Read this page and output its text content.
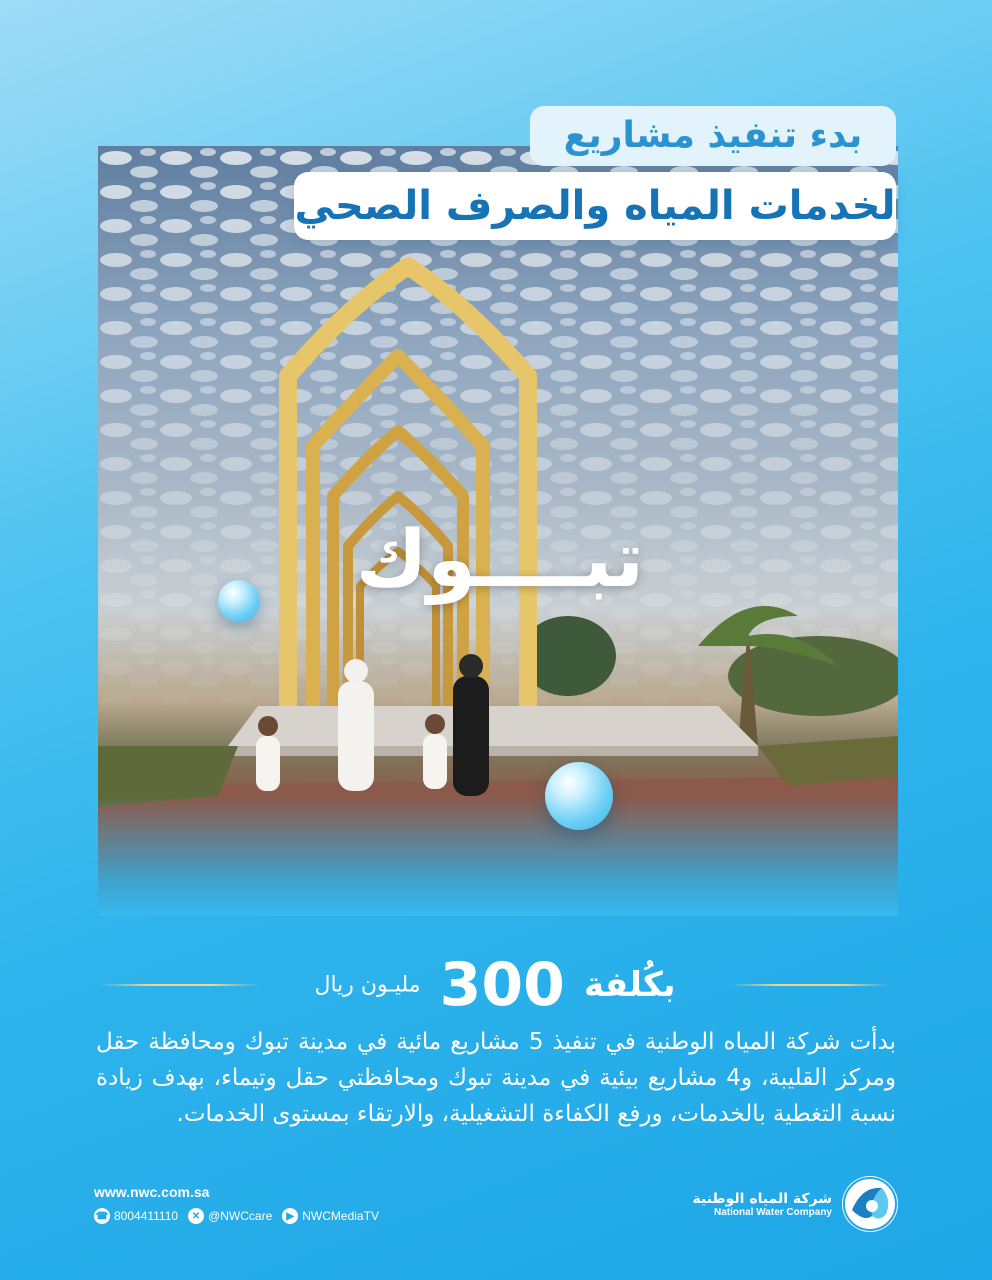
بدء تنفيذ مشاريع
لخدمات المياه والصرف الصحي
تبــــوك
بكُلفة 300 مليـون ريال

بدأت شركة المياه الوطنية في تنفيذ 5 مشاريع مائية في مدينة تبوك ومحافظة حقل ومركز القليبة، و4 مشاريع بيئية في مدينة تبوك ومحافظتي حقل وتيماء، بهدف زيادة نسبة التغطية بالخدمات، ورفع الكفاءة التشغيلية، والارتقاء بمستوى الخدمات.

www.nwc.com.sa
☎ 8004411110	✕ @NWCcare	▶ NWCMediaTV
شركة المياه الوطنية
National Water Company
